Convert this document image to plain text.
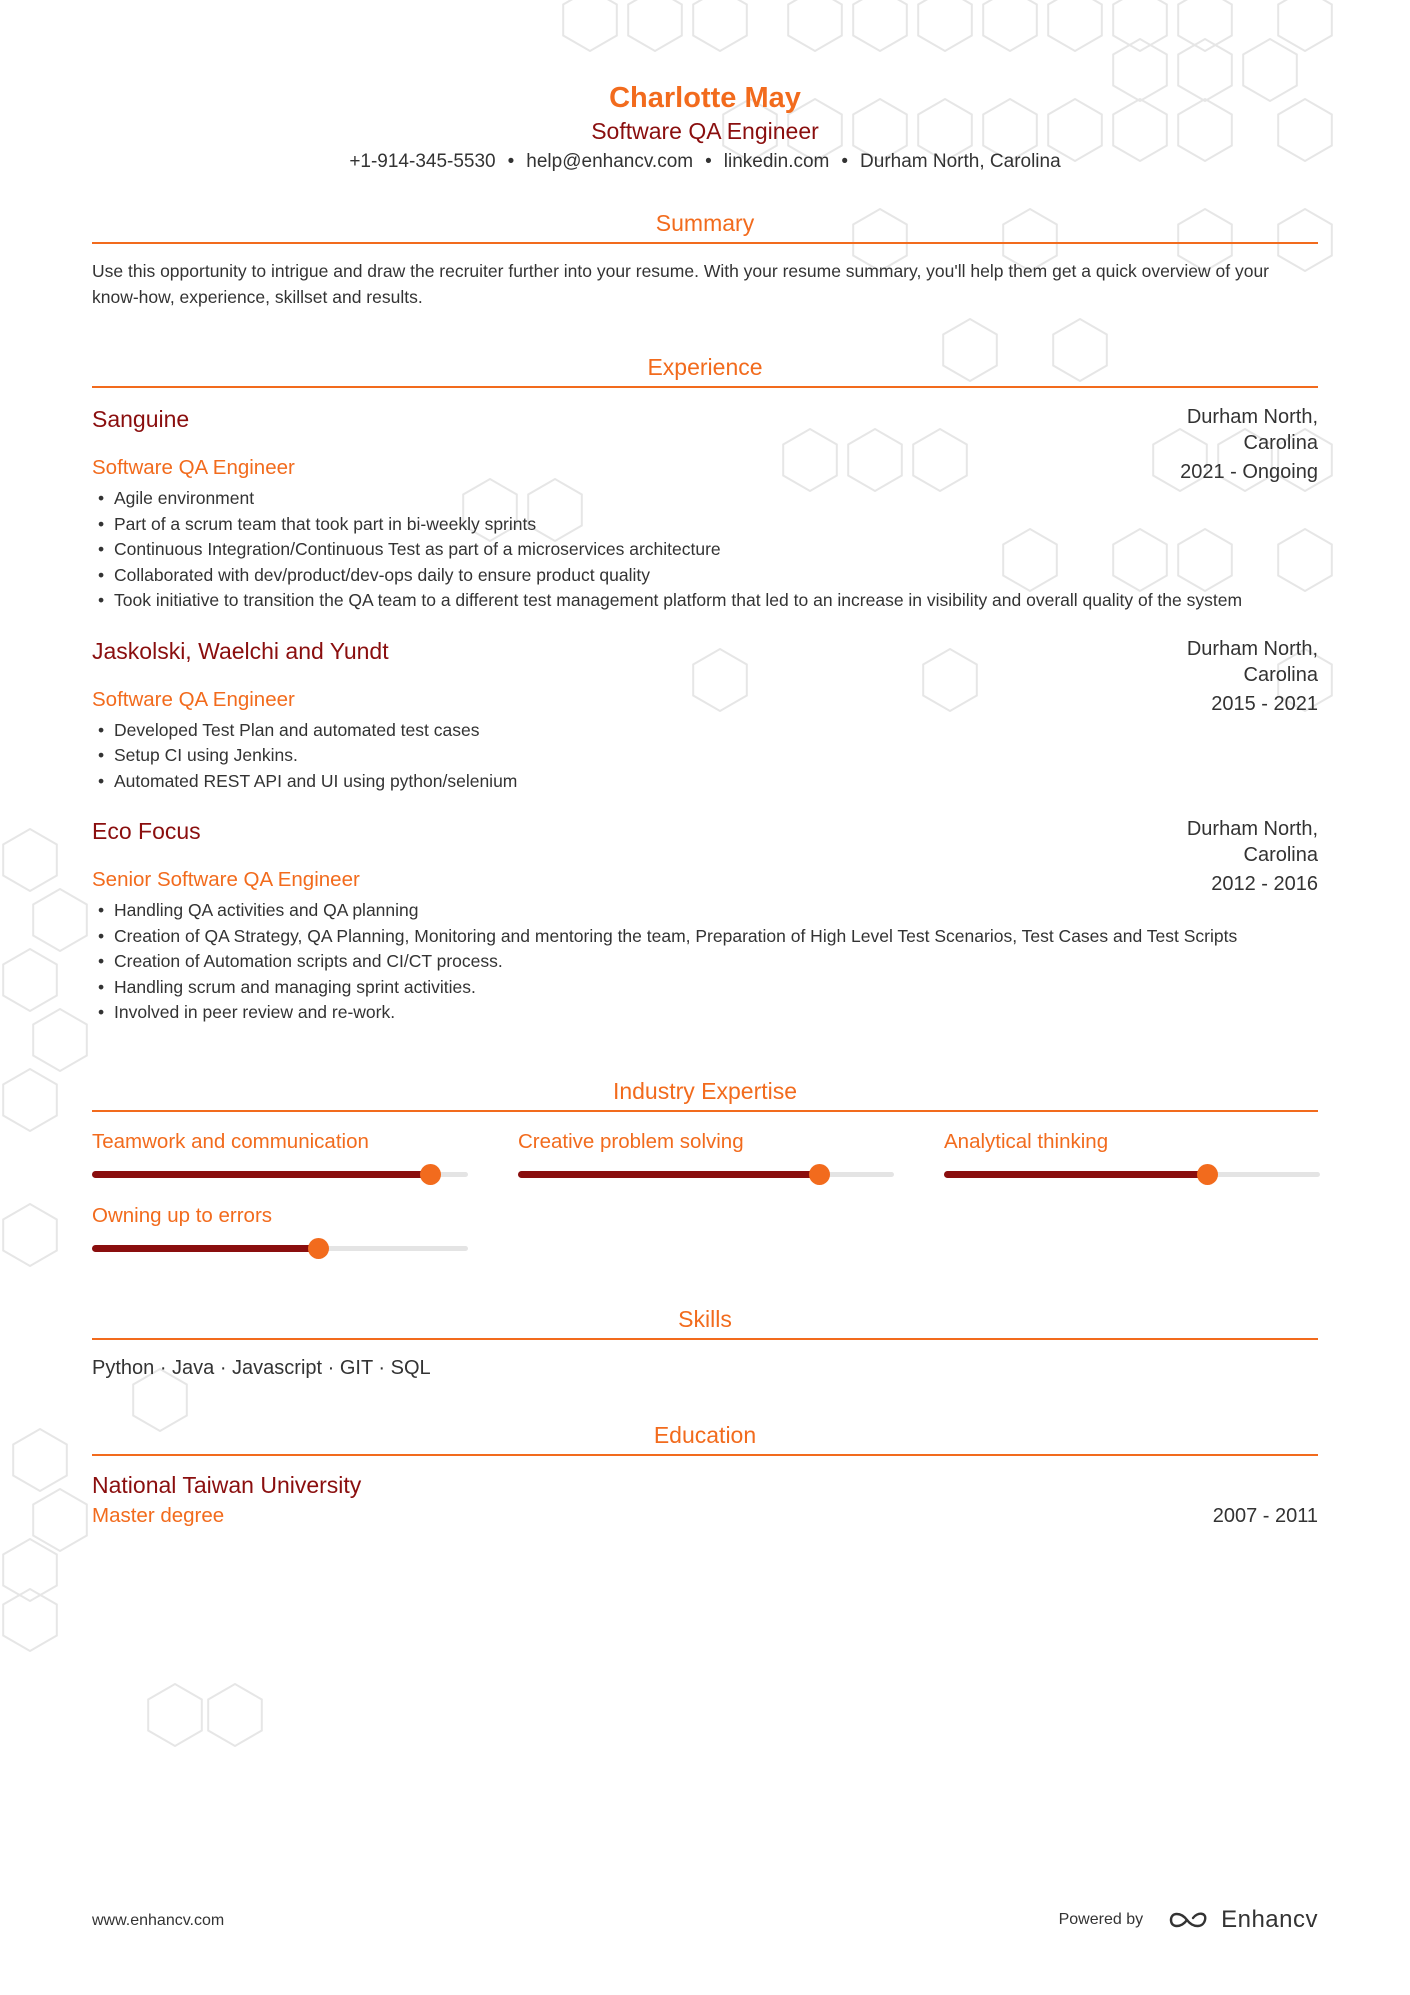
Charlotte May
Software QA Engineer
+1-914-345-5530 • help@enhancv.com • linkedin.com • Durham North, Carolina
Summary
Use this opportunity to intrigue and draw the recruiter further into your resume. With your resume summary, you'll help them get a quick overview of your know-how, experience, skillset and results.
Experience
Durham North, Carolina
2021 - Ongoing
Sanguine
Software QA Engineer
• Agile environment
• Part of a scrum team that took part in bi-weekly sprints
• Continuous Integration/Continuous Test as part of a microservices architecture
• Collaborated with dev/product/dev-ops daily to ensure product quality
• Took initiative to transition the QA team to a different test management platform that led to an increase in visibility and overall quality of the system
Durham North, Carolina
2015 - 2021
Jaskolski, Waelchi and Yundt
Software QA Engineer
• Developed Test Plan and automated test cases
• Setup CI using Jenkins.
• Automated REST API and UI using python/selenium
Durham North, Carolina
2012 - 2016
Eco Focus
Senior Software QA Engineer
• Handling QA activities and QA planning
• Creation of QA Strategy, QA Planning, Monitoring and mentoring the team, Preparation of High Level Test Scenarios, Test Cases and Test Scripts
• Creation of Automation scripts and CI/CT process.
• Handling scrum and managing sprint activities.
• Involved in peer review and re-work.
Industry Expertise
Teamwork and communication	Creative problem solving	Analytical thinking
Owning up to errors
Skills
Python · Java · Javascript · GIT · SQL
Education
National Taiwan University
Master degree	2007 - 2011
www.enhancv.com	Powered by	Enhancv
